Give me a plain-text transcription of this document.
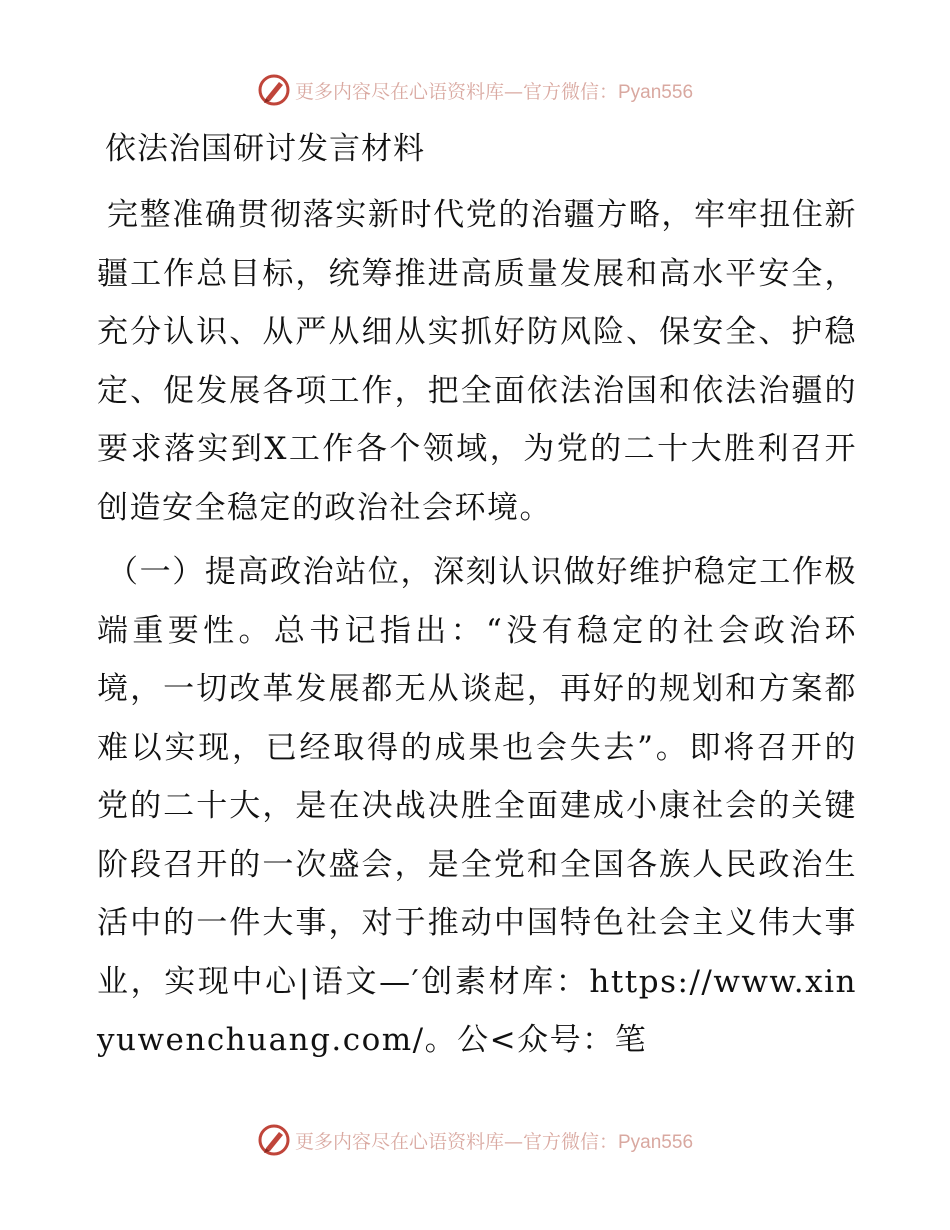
更多内容尽在心语资料库—官方微信：Pyan556
依法治国研讨发言材料

完整准确贯彻落实新时代党的治疆方略，牢牢扭住新疆工作总目标，统筹推进高质量发展和高水平安全，充分认识、从严从细从实抓好防风险、保安全、护稳定、促发展各项工作，把全面依法治国和依法治疆的要求落实到X工作各个领域，为党的二十大胜利召开创造安全稳定的政治社会环境。

（一）提高政治站位，深刻认识做好维护稳定工作极端重要性。总书记指出：“没有稳定的社会政治环境，一切改革发展都无从谈起，再好的规划和方案都难以实现，已经取得的成果也会失去”。即将召开的党的二十大，是在决战决胜全面建成小康社会的关键阶段召开的一次盛会，是全党和全国各族人民政治生活中的一件大事，对于推动中国特色社会主义伟大事业，实现中心|语文—′创素材库：https://www.xinyuwenchuang.com/。公<众号：笔

更多内容尽在心语资料库—官方微信：Pyan556
